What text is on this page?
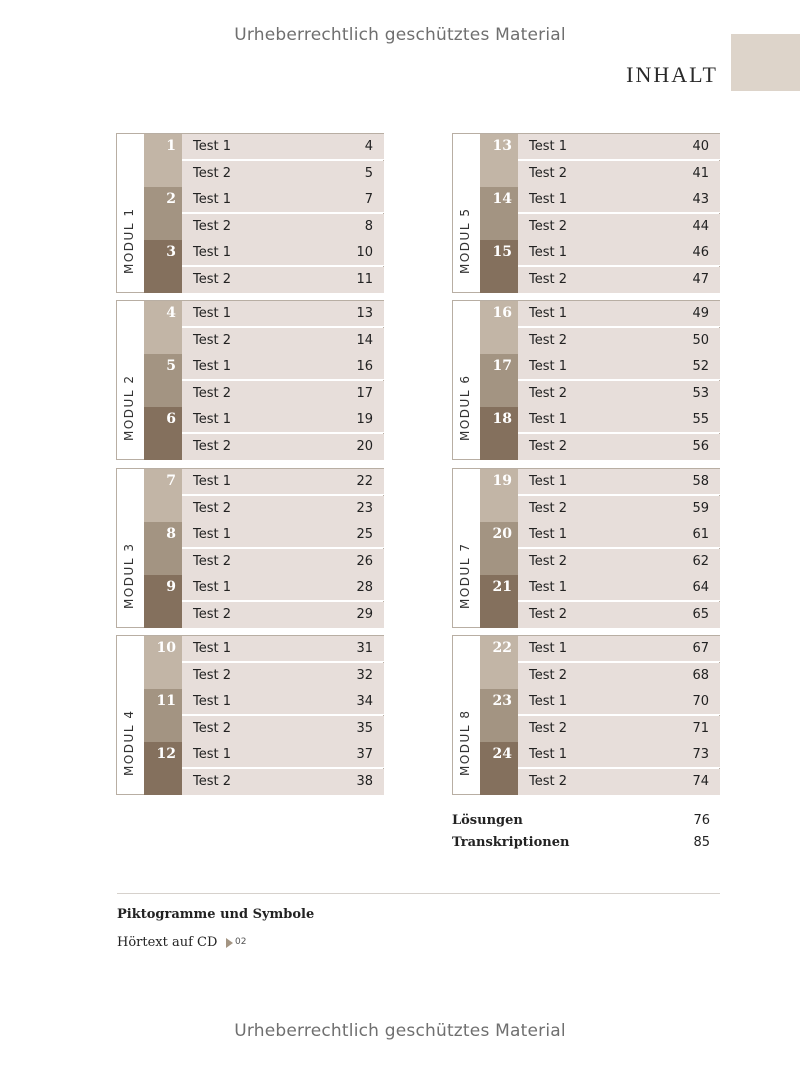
Urheberrechtlich geschütztes Material
INHALT
MODUL 1
1 Test 1	4
Test 2	5
2 Test 1	7
Test 2	8
3 Test 1	10
Test 2	11
MODUL 2
4 Test 1	13
Test 2	14
5 Test 1	16
Test 2	17
6 Test 1	19
Test 2	20
MODUL 3
7 Test 1	22
Test 2	23
8 Test 1	25
Test 2	26
9 Test 1	28
Test 2	29
MODUL 4
10 Test 1	31
Test 2	32
11 Test 1	34
Test 2	35
12 Test 1	37
Test 2	38
MODUL 5
13 Test 1	40
Test 2	41
14 Test 1	43
Test 2	44
15 Test 1	46
Test 2	47
MODUL 6
16 Test 1	49
Test 2	50
17 Test 1	52
Test 2	53
18 Test 1	55
Test 2	56
MODUL 7
19 Test 1	58
Test 2	59
20 Test 1	61
Test 2	62
21 Test 1	64
Test 2	65
MODUL 8
22 Test 1	67
Test 2	68
23 Test 1	70
Test 2	71
24 Test 1	73
Test 2	74
Lösungen	76
Transkriptionen	85
Piktogramme und Symbole
Hörtext auf CD 02
Urheberrechtlich geschütztes Material
